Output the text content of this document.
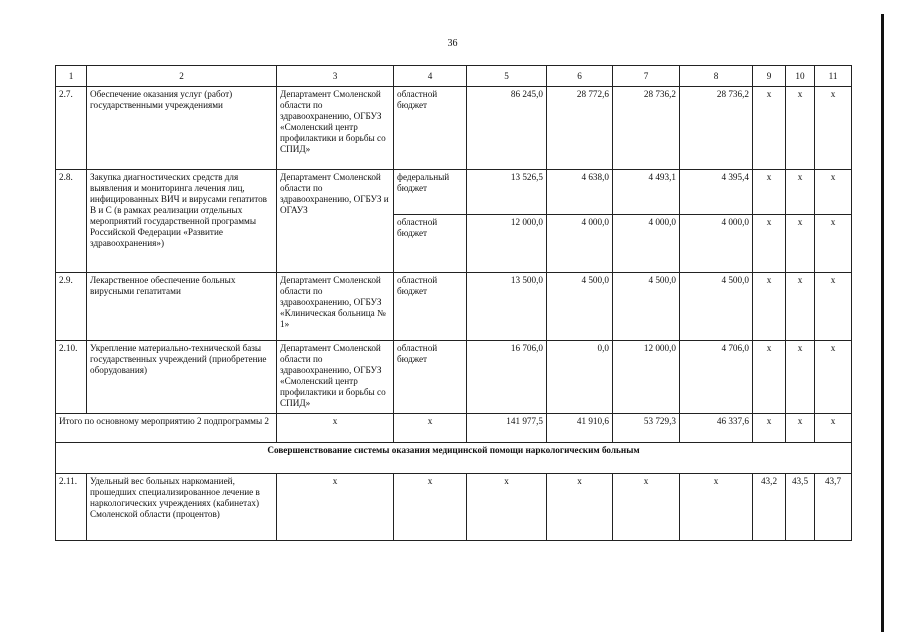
36
1	2	3	4	5	6	7	8	9	10	11
2.7.	Обеспечение оказания услуг (работ) государственными учреждениями	Департамент Смоленской области по здравоохранению, ОГБУЗ «Смоленский центр профилактики и борьбы со СПИД»	областной бюджет	86 245,0	28 772,6	28 736,2	28 736,2	x	x	x
2.8.	Закупка диагностических средств для выявления и мониторинга лечения лиц, инфицированных ВИЧ и вирусами гепатитов В и С (в рамках реализации отдельных мероприятий государственной программы Российской Федерации «Развитие здравоохранения»)	Департамент Смоленской области по здравоохранению, ОГБУЗ и ОГАУЗ	федеральный бюджет	13 526,5	4 638,0	4 493,1	4 395,4	x	x	x
			областной бюджет	12 000,0	4 000,0	4 000,0	4 000,0	x	x	x
2.9.	Лекарственное обеспечение больных вирусными гепатитами	Департамент Смоленской области по здравоохранению, ОГБУЗ «Клиническая больница № 1»	областной бюджет	13 500,0	4 500,0	4 500,0	4 500,0	x	x	x
2.10.	Укрепление материально-технической базы государственных учреждений (приобретение оборудования)	Департамент Смоленской области по здравоохранению, ОГБУЗ «Смоленский центр профилактики и борьбы со СПИД»	областной бюджет	16 706,0	0,0	12 000,0	4 706,0	x	x	x
Итого по основному мероприятию 2 подпрограммы 2		x	x	141 977,5	41 910,6	53 729,3	46 337,6	x	x	x
Совершенствование системы оказания медицинской помощи наркологическим больным										
2.11.	Удельный вес больных наркоманией, прошедших специализированное лечение в наркологических учреждениях (кабинетах) Смоленской области (процентов)	x	x	x	x	x	x	43,2	43,5	43,7
